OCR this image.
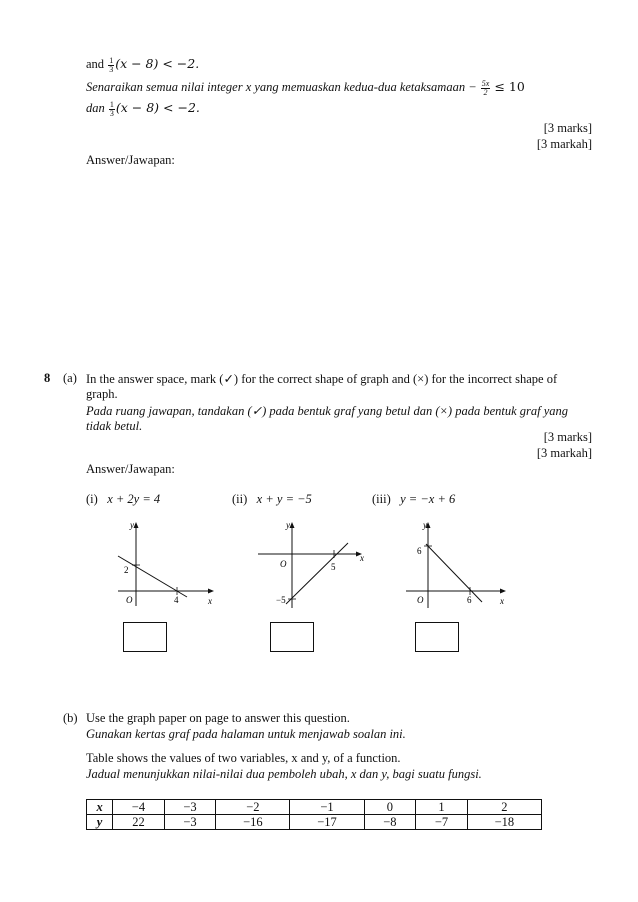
and $\frac{1}{3} (x - 8) < -2$.
Senaraikan semua nilai integer x yang memuaskan kedua-dua ketaksamaan − $\frac{5x}{2} \le 10$
dan $\frac{1}{3} (x - 8) < -2$.
[3 marks]
[3 markah]
Answer/Jawapan:
8 (a) In the answer space, mark (✓) for the correct shape of graph and (×) for the incorrect shape of
graph.
Pada ruang jawapan, tandakan (✓) pada bentuk graf yang betul dan (×) pada bentuk graf yang
tidak betul.
[3 marks]
[3 markah]
Answer/Jawapan:
(i) x + 2y = 4	(ii) x + y = −5	(iii) y = −x + 6
y
x
O
2
4
y
x
O
−5
5
y
x
O
6
6
(b) Use the graph paper on page to answer this question.
Gunakan kertas graf pada halaman untuk menjawab soalan ini.
Table shows the values of two variables, x and y, of a function.
Jadual menunjukkan nilai-nilai dua pemboleh ubah, x dan y, bagi suatu fungsi.
x	−4	−3	−2	−1	0	1	2
y	22	−3	−16	−17	−8	−7	−18
